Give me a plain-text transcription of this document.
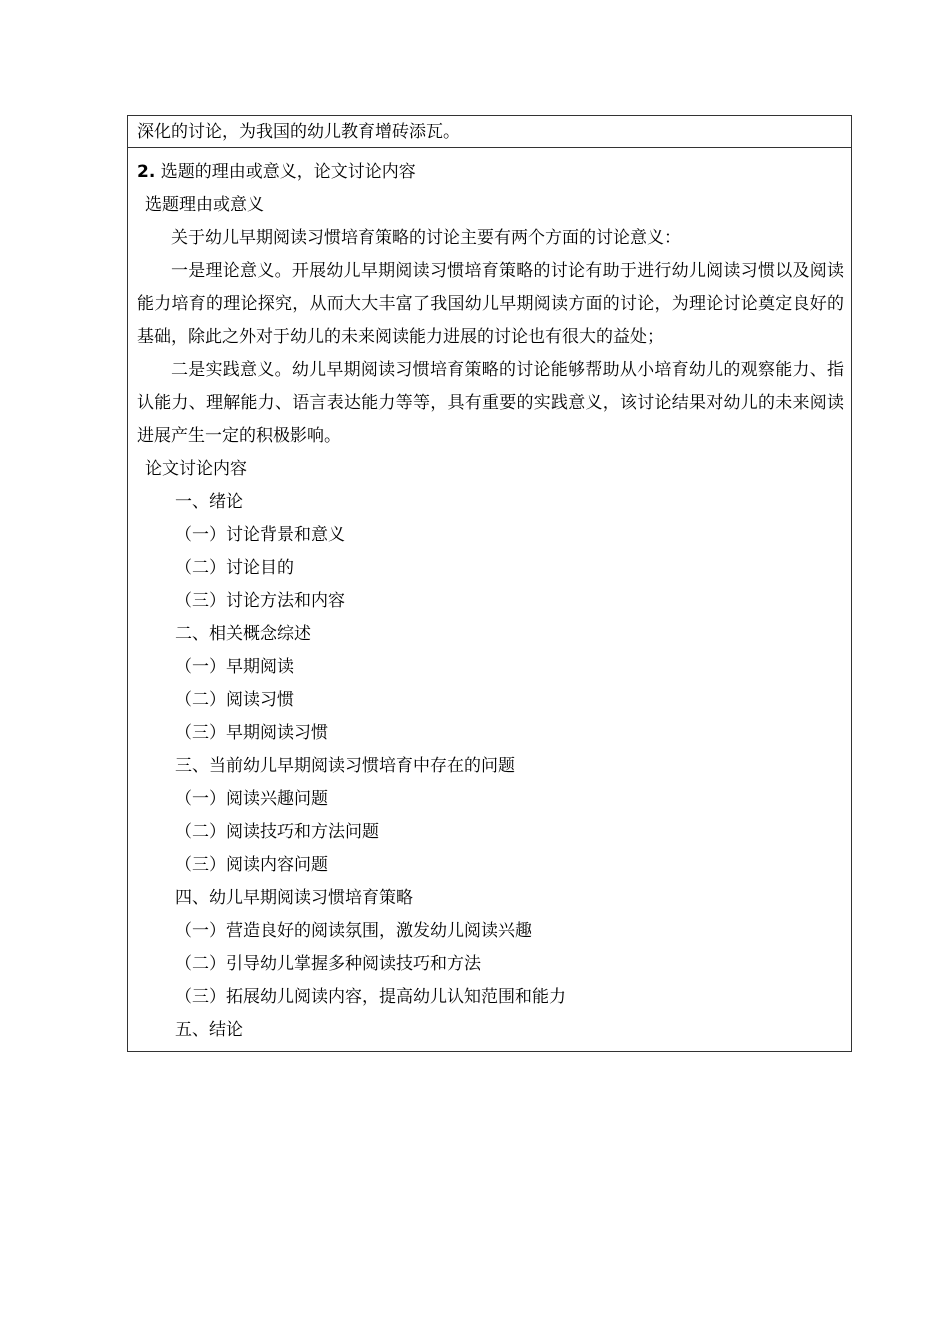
深化的讨论，为我国的幼儿教育增砖添瓦。
2. 选题的理由或意义，论文讨论内容
选题理由或意义
关于幼儿早期阅读习惯培育策略的讨论主要有两个方面的讨论意义：
一是理论意义。开展幼儿早期阅读习惯培育策略的讨论有助于进行幼儿阅读习惯以及阅读能力培育的理论探究，从而大大丰富了我国幼儿早期阅读方面的讨论，为理论讨论奠定良好的基础，除此之外对于幼儿的未来阅读能力进展的讨论也有很大的益处；
二是实践意义。幼儿早期阅读习惯培育策略的讨论能够帮助从小培育幼儿的观察能力、指认能力、理解能力、语言表达能力等等，具有重要的实践意义，该讨论结果对幼儿的未来阅读进展产生一定的积极影响。
论文讨论内容
一、绪论
（一）讨论背景和意义
（二）讨论目的
（三）讨论方法和内容
二、相关概念综述
（一）早期阅读
（二）阅读习惯
（三）早期阅读习惯
三、当前幼儿早期阅读习惯培育中存在的问题
（一）阅读兴趣问题
（二）阅读技巧和方法问题
（三）阅读内容问题
四、幼儿早期阅读习惯培育策略
（一）营造良好的阅读氛围，激发幼儿阅读兴趣
（二）引导幼儿掌握多种阅读技巧和方法
（三）拓展幼儿阅读内容，提高幼儿认知范围和能力
五、结论
